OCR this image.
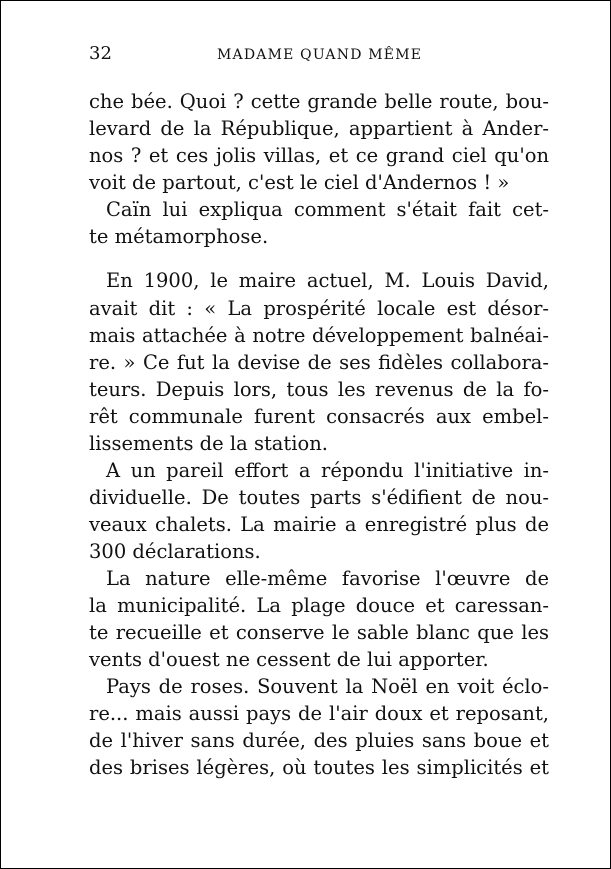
32	MADAME QUAND MÊME
che bée. Quoi ? cette grande belle route, bou-
levard de la République, appartient à Ander-
nos ? et ces jolis villas, et ce grand ciel qu'on
voit de partout, c'est le ciel d'Andernos ! »
Caïn lui expliqua comment s'était fait cet-
te métamorphose.
En 1900, le maire actuel, M. Louis David,
avait dit : « La prospérité locale est désor-
mais attachée à notre développement balnéai-
re. » Ce fut la devise de ses fidèles collabora-
teurs. Depuis lors, tous les revenus de la fo-
rêt communale furent consacrés aux embel-
lissements de la station.
A un pareil effort a répondu l'initiative in-
dividuelle. De toutes parts s'édifient de nou-
veaux chalets. La mairie a enregistré plus de
300 déclarations.
La nature elle-même favorise l'œuvre de
la municipalité. La plage douce et caressan-
te recueille et conserve le sable blanc que les
vents d'ouest ne cessent de lui apporter.
Pays de roses. Souvent la Noël en voit éclo-
re... mais aussi pays de l'air doux et reposant,
de l'hiver sans durée, des pluies sans boue et
des brises légères, où toutes les simplicités et
